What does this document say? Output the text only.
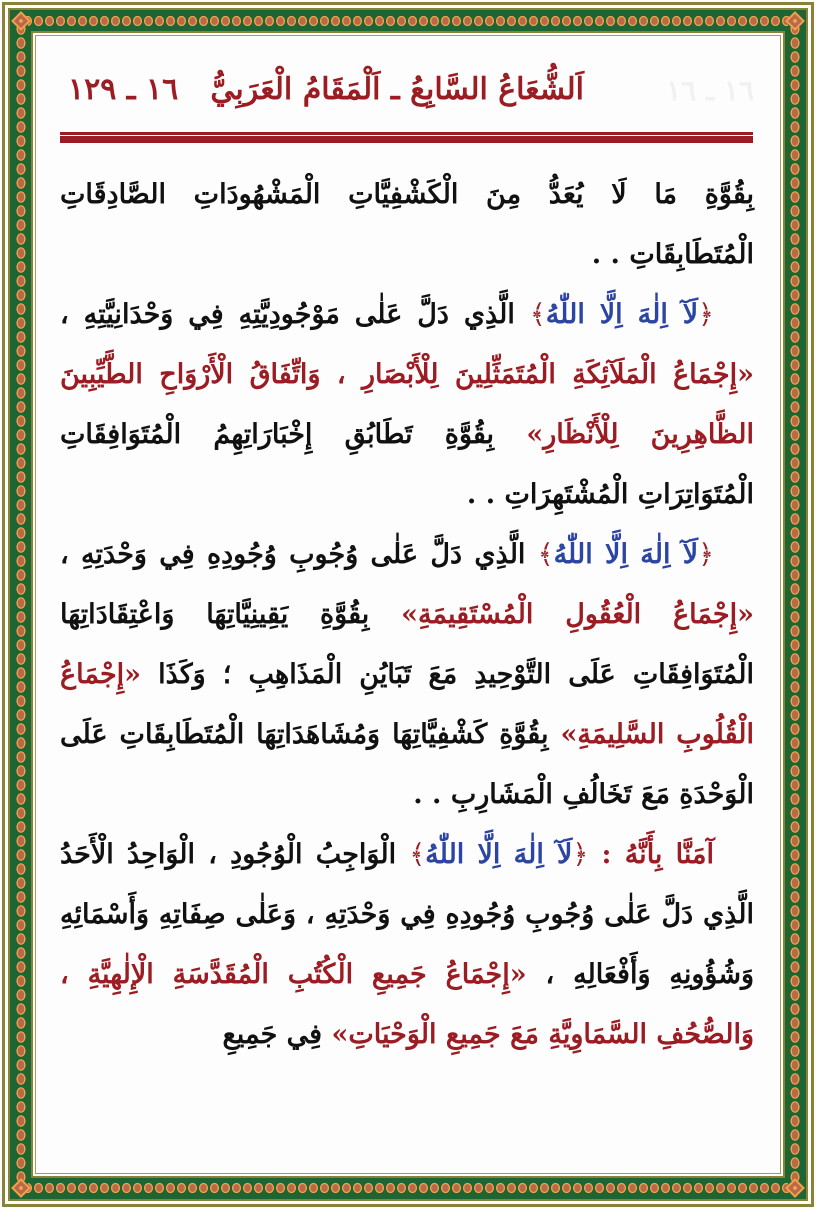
١٦ ـ ١٦
اَلشُّعَاعُ السَّابِعُ ـ اَلْمَقَامُ الْعَرَبِيُّ
١٦ ـ ١٢٩

بِقُوَّةِ مَا لَا يُعَدُّ مِنَ الْكَشْفِيَّاتِ الْمَشْهُودَاتِ الصَّادِقَاتِ الْمُتَطَابِقَاتِ . .

﴿لَآ اِلٰهَ اِلَّا اللّٰهُ﴾ الَّذِي دَلَّ عَلٰى مَوْجُودِيَّتِهِ فِي وَحْدَانِيَّتِهِ ، «إِجْمَاعُ الْمَلَآئِكَةِ الْمُتَمَثِّلِينَ لِلْأَبْصَارِ ، وَاتِّفَاقُ الْأَرْوَاحِ الطَّيِّبِينَ الظَّاهِرِينَ لِلْأَنْظَارِ» بِقُوَّةِ تَطَابُقِ إِخْبَارَاتِهِمُ الْمُتَوَافِقَاتِ الْمُتَوَاتِرَاتِ الْمُشْتَهِرَاتِ . .

﴿لَآ اِلٰهَ اِلَّا اللّٰهُ﴾ الَّذِي دَلَّ عَلٰى وُجُوبِ وُجُودِهِ فِي وَحْدَتِهِ ، «إِجْمَاعُ الْعُقُولِ الْمُسْتَقِيمَةِ» بِقُوَّةِ يَقِينِيَّاتِهَا وَاعْتِقَادَاتِهَا الْمُتَوَافِقَاتِ عَلَى التَّوْحِيدِ مَعَ تَبَايُنِ الْمَذَاهِبِ ؛ وَكَذَا «إِجْمَاعُ الْقُلُوبِ السَّلِيمَةِ» بِقُوَّةِ كَشْفِيَّاتِهَا وَمُشَاهَدَاتِهَا الْمُتَطَابِقَاتِ عَلَى الْوَحْدَةِ مَعَ تَخَالُفِ الْمَشَارِبِ . .

آمَنَّا بِأَنَّهُ : ﴿لَآ اِلٰهَ اِلَّا اللّٰهُ﴾ الْوَاجِبُ الْوُجُودِ ، الْوَاحِدُ الْأَحَدُ الَّذِي دَلَّ عَلٰى وُجُوبِ وُجُودِهِ فِي وَحْدَتِهِ ، وَعَلٰى صِفَاتِهِ وَأَسْمَائِهِ وَشُؤُونِهِ وَأَفْعَالِهِ ، «إِجْمَاعُ جَمِيعِ الْكُتُبِ الْمُقَدَّسَةِ الْإِلٰهِيَّةِ ، وَالصُّحُفِ السَّمَاوِيَّةِ مَعَ جَمِيعِ الْوَحْيَاتِ» فِي جَمِيعِ
